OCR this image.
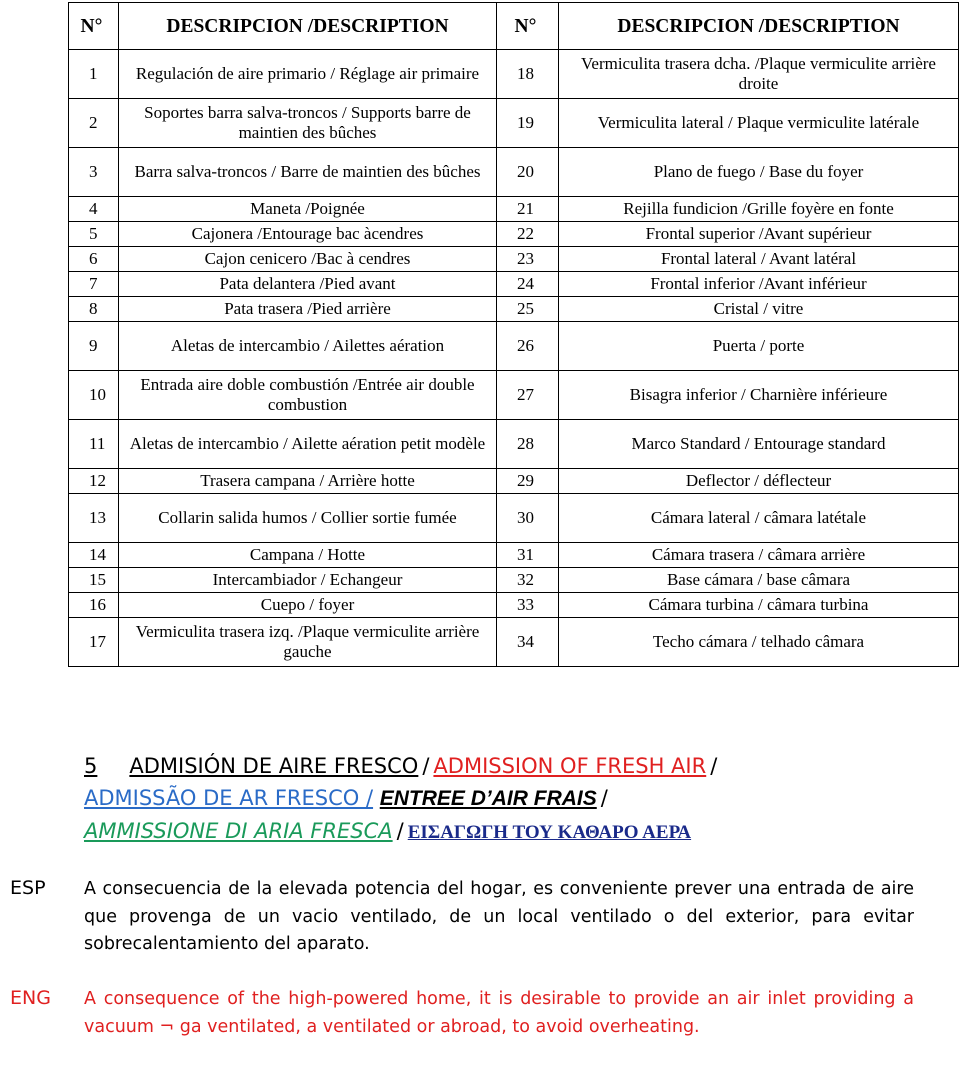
N°	DESCRIPCION /DESCRIPTION	N°	DESCRIPCION /DESCRIPTION
1	Regulación de aire primario / Réglage air primaire	18	Vermiculita trasera dcha. /Plaque vermiculite arrière droite
2	Soportes barra salva-troncos / Supports barre de maintien des bûches	19	Vermiculita lateral / Plaque vermiculite latérale
3	Barra salva-troncos / Barre de maintien des bûches	20	Plano de fuego / Base du foyer
4	Maneta /Poignée	21	Rejilla fundicion /Grille foyère en fonte
5	Cajonera /Entourage bac àcendres	22	Frontal superior /Avant supérieur
6	Cajon cenicero /Bac à cendres	23	Frontal lateral / Avant latéral
7	Pata delantera /Pied avant	24	Frontal inferior /Avant inférieur
8	Pata trasera /Pied arrière	25	Cristal / vitre
9	Aletas de intercambio / Ailettes aération	26	Puerta / porte
10	Entrada aire doble combustión /Entrée air double combustion	27	Bisagra inferior / Charnière inférieure
11	Aletas de intercambio / Ailette aération petit modèle	28	Marco Standard / Entourage standard
12	Trasera campana / Arrière hotte	29	Deflector / déflecteur
13	Collarin salida humos / Collier sortie fumée	30	Cámara lateral / câmara latétale
14	Campana / Hotte	31	Cámara trasera / câmara arrière
15	Intercambiador / Echangeur	32	Base cámara / base câmara
16	Cuepo / foyer	33	Cámara turbina / câmara turbina
17	Vermiculita trasera izq. /Plaque vermiculite arrière gauche	34	Techo cámara / telhado câmara
5 ADMISIÓN DE AIRE FRESCO / ADMISSION OF FRESH AIR /
ADMISSÃO DE AR FRESCO / ENTREE D’AIR FRAIS /
AMMISSIONE DI ARIA FRESCA / ΕΙΣΑΓΩΓΗ ΤΟΥ ΚΑΘΑΡΟ ΑΕΡΑ
ESP A consecuencia de la elevada potencia del hogar, es conveniente prever una entrada de aire que provenga de un vacio ventilado, de un local ventilado o del exterior, para evitar sobrecalentamiento del aparato.
ENG A consequence of the high-powered home, it is desirable to provide an air inlet providing a vacuum ¬ ga ventilated, a ventilated or abroad, to avoid overheating.
